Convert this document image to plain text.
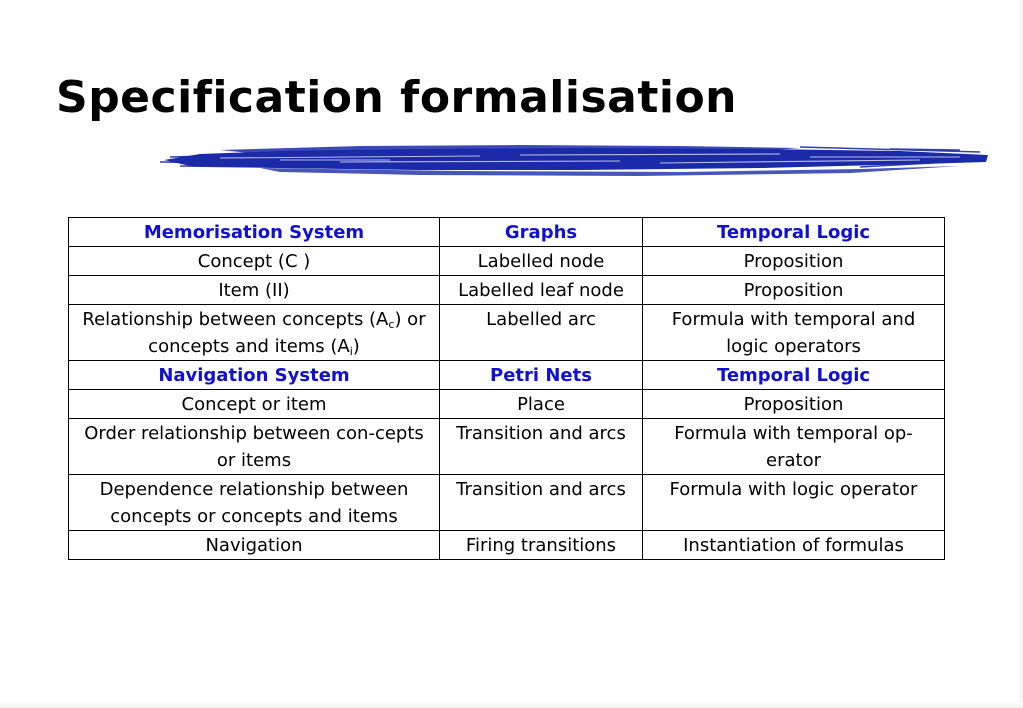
Specification formalisation
Memorisation System	Graphs	Temporal Logic
Concept (C )	Labelled node	Proposition
Item (II)	Labelled leaf node	Proposition
Relationship between concepts $(A_c)$ or concepts and items $(A_i)$	Labelled arc	Formula with temporal and logic operators
Navigation System	Petri Nets	Temporal Logic
Concept or item	Place	Proposition
Order relationship between con-cepts or items	Transition and arcs	Formula with temporal op-erator
Dependence relationship between concepts or concepts and items	Transition and arcs	Formula with logic operator
Navigation	Firing transitions	Instantiation of formulas
